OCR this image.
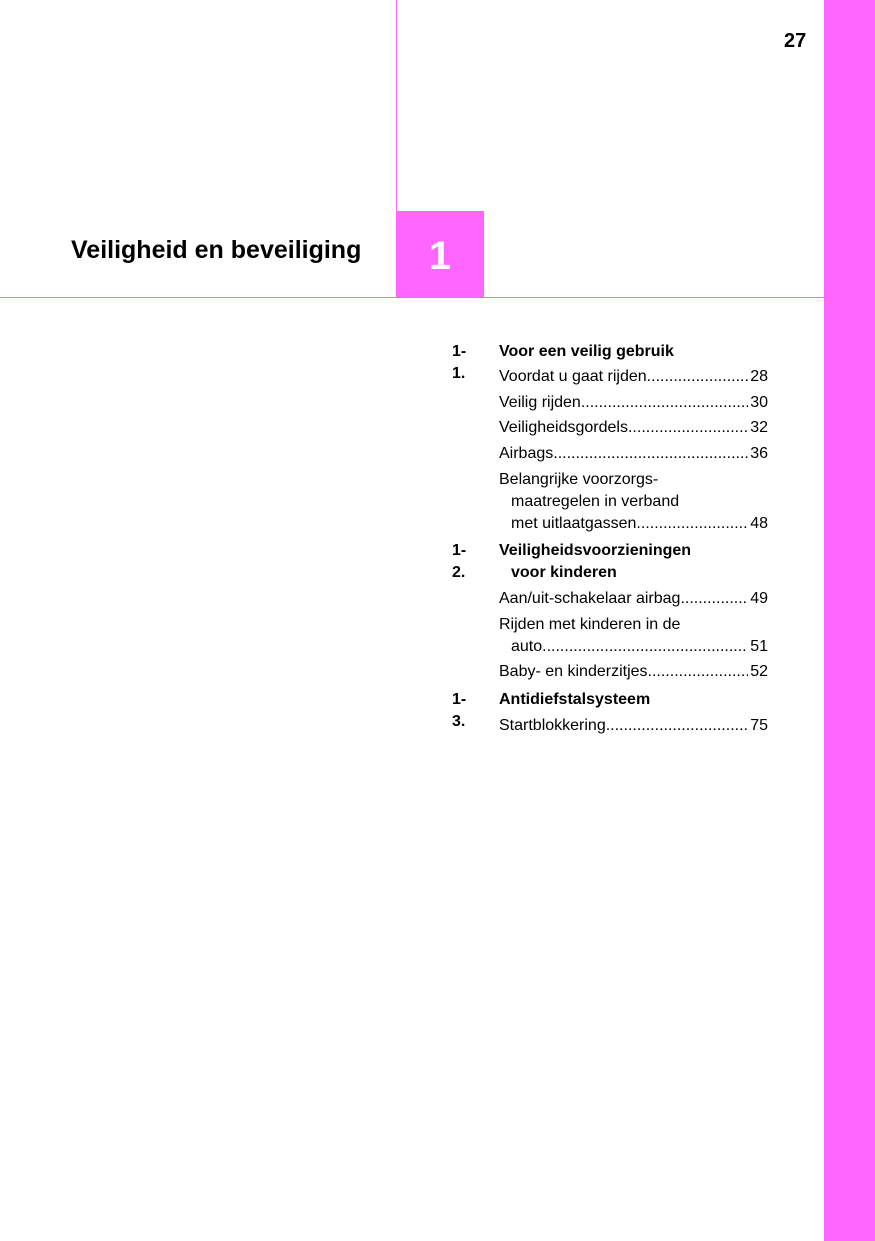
1
27
Veiligheid en beveiliging
1-1.
Voor een veilig gebruik
Voordat u gaat rijden .....	28
Veilig rijden .....	30
Veiligheidsgordels .....	32
Airbags .....	36
Belangrijke voorzorgs-
maatregelen in verband
met uitlaatgassen .....	48
1-2.
Veiligheidsvoorzieningen
voor kinderen
Aan/uit-schakelaar airbag .....	49
Rijden met kinderen in de
auto .....	51
Baby- en kinderzitjes .....	52
1-3.
Antidiefstalsysteem
Startblokkering .....	75
